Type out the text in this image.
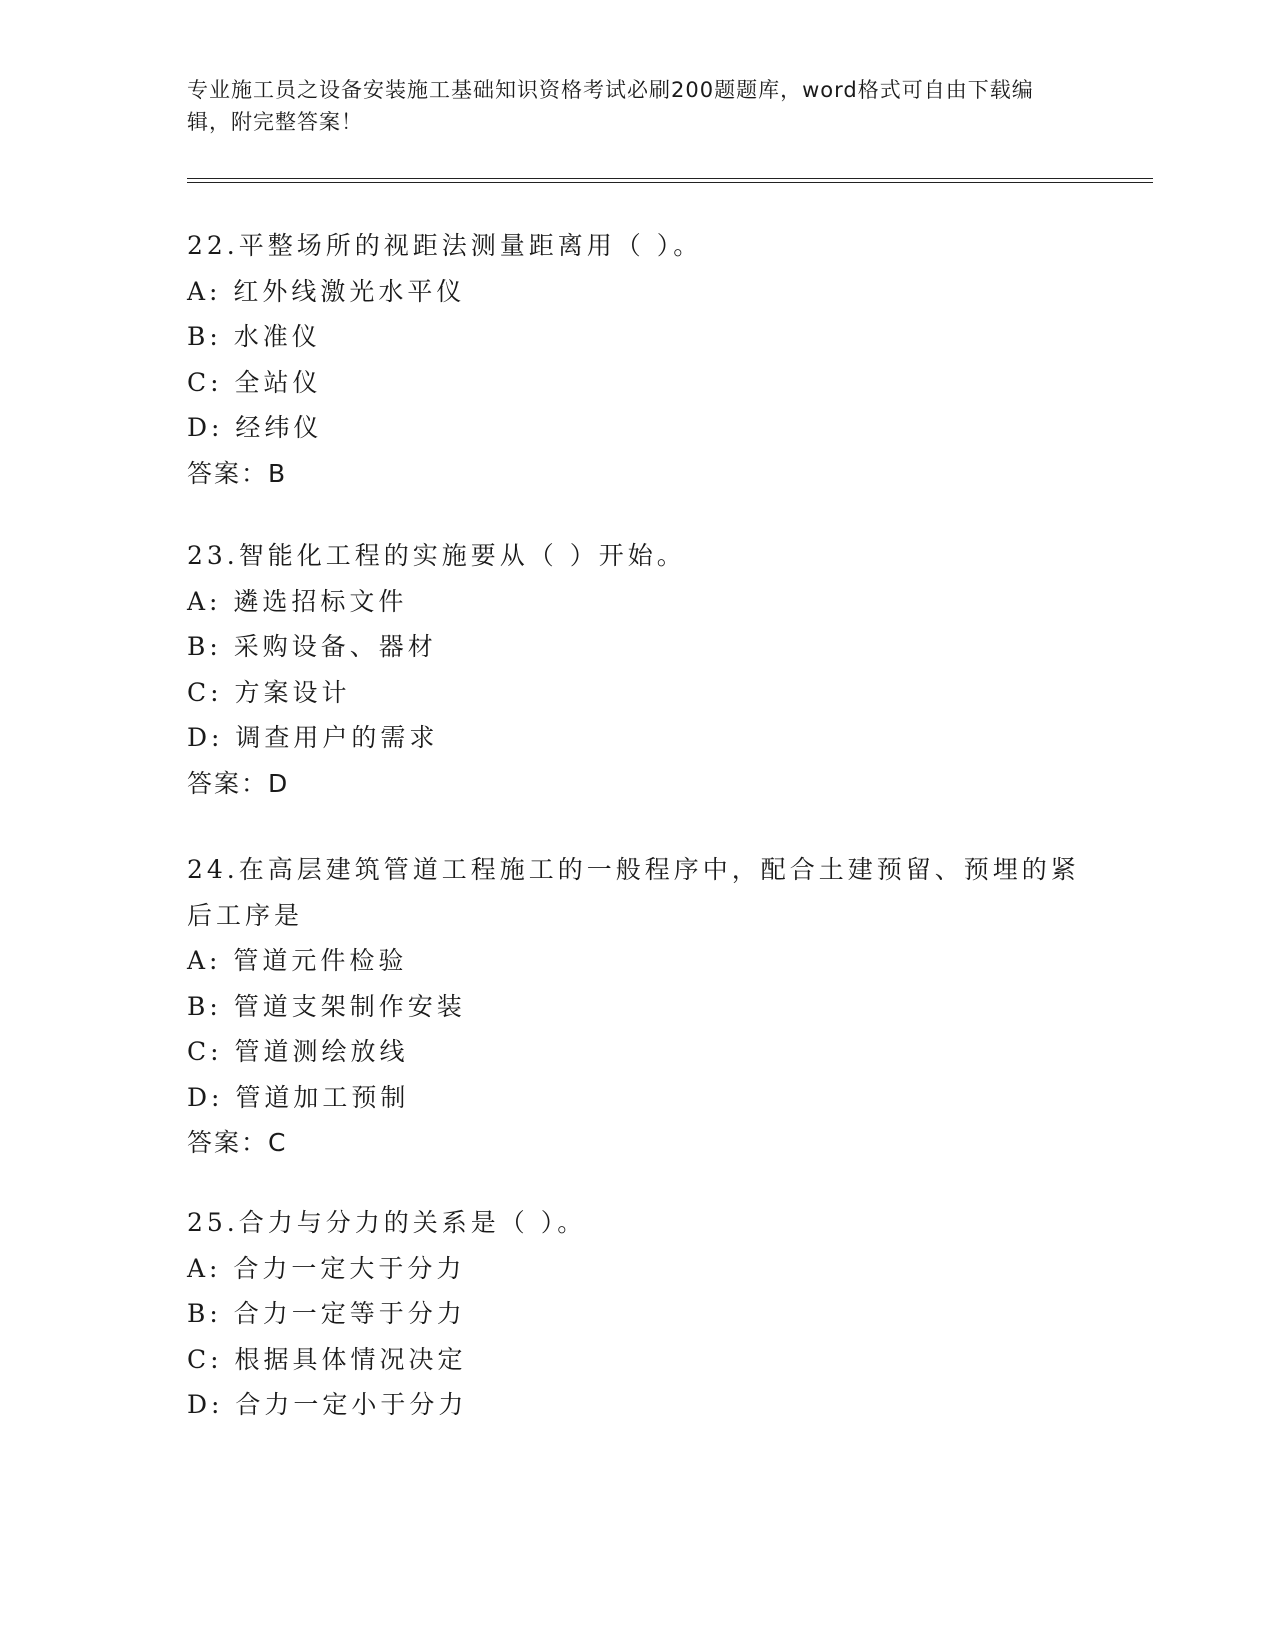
专业施工员之设备安装施工基础知识资格考试必刷200题题库，word格式可自由下载编辑，附完整答案！
22.平整场所的视距法测量距离用（ ）。
A: 红外线激光水平仪
B: 水准仪
C: 全站仪
D: 经纬仪
答案：B
23.智能化工程的实施要从（ ）开始。
A: 遴选招标文件
B: 采购设备、器材
C: 方案设计
D: 调查用户的需求
答案：D
24.在高层建筑管道工程施工的一般程序中，配合土建预留、预埋的紧后工序是
A: 管道元件检验
B: 管道支架制作安装
C: 管道测绘放线
D: 管道加工预制
答案：C
25.合力与分力的关系是（ ）。
A: 合力一定大于分力
B: 合力一定等于分力
C: 根据具体情况决定
D: 合力一定小于分力
